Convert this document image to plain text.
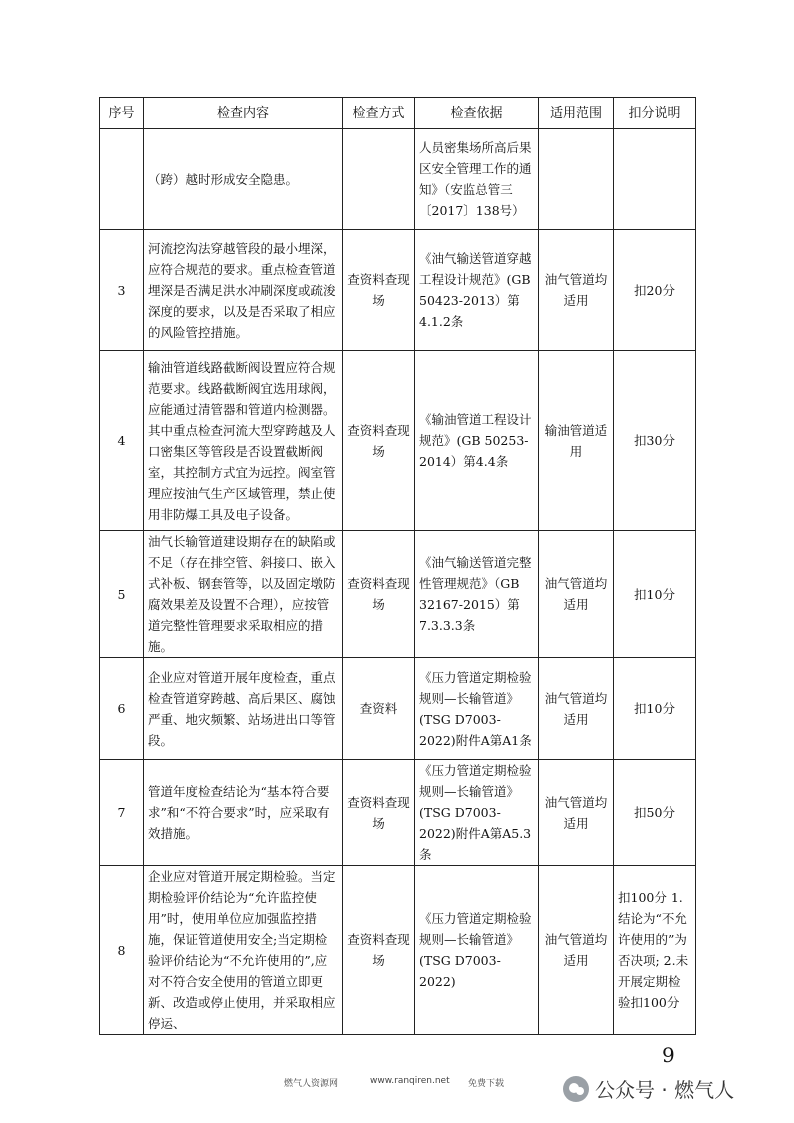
序号	检查内容	检查方式	检查依据	适用范围	扣分说明
	（跨）越时形成安全隐患。		人员密集场所高后果区安全管理工作的通知》（安监总管三〔2017〕138号）		
3	河流挖沟法穿越管段的最小埋深，应符合规范的要求。重点检查管道埋深是否满足洪水冲刷深度或疏浚深度的要求，以及是否采取了相应的风险管控措施。	查资料查现场	《油气输送管道穿越工程设计规范》(GB 50423-2013）第4.1.2条	油气管道均适用	扣20分
4	输油管道线路截断阀设置应符合规范要求。线路截断阀宜选用球阀，应能通过清管器和管道内检测器。其中重点检查河流大型穿跨越及人口密集区等管段是否设置截断阀室，其控制方式宜为远控。阀室管理应按油气生产区域管理，禁止使用非防爆工具及电子设备。	查资料查现场	《输油管道工程设计规范》(GB 50253-2014）第4.4条	输油管道适用	扣30分
5	油气长输管道建设期存在的缺陷或不足（存在排空管、斜接口、嵌入式补板、钢套管等，以及固定墩防腐效果差及设置不合理），应按管道完整性管理要求采取相应的措施。	查资料查现场	《油气输送管道完整性管理规范》（GB 32167-2015）第7.3.3.3条	油气管道均适用	扣10分
6	企业应对管道开展年度检查，重点检查管道穿跨越、高后果区、腐蚀严重、地灾频繁、站场进出口等管段。	查资料	《压力管道定期检验规则—长输管道》(TSG D7003-2022)附件A第A1条	油气管道均适用	扣10分
7	管道年度检查结论为“基本符合要求”和“不符合要求”时，应采取有效措施。	查资料查现场	《压力管道定期检验规则—长输管道》(TSG D7003-2022)附件A第A5.3条	油气管道均适用	扣50分
8	企业应对管道开展定期检验。当定期检验评价结论为“允许监控使用”时，使用单位应加强监控措施，保证管道使用安全;当定期检验评价结论为“不允许使用的”,应对不符合安全使用的管道立即更新、改造或停止使用，并采取相应停运、	查资料查现场	《压力管道定期检验规则—长输管道》(TSG D7003-2022)	油气管道均适用	扣100分 1.结论为“不允许使用的”为否决项; 2.未开展定期检验扣100分
9
燃气人资源网	www.ranqiren.net 免费下载	公众号 · 燃气人
